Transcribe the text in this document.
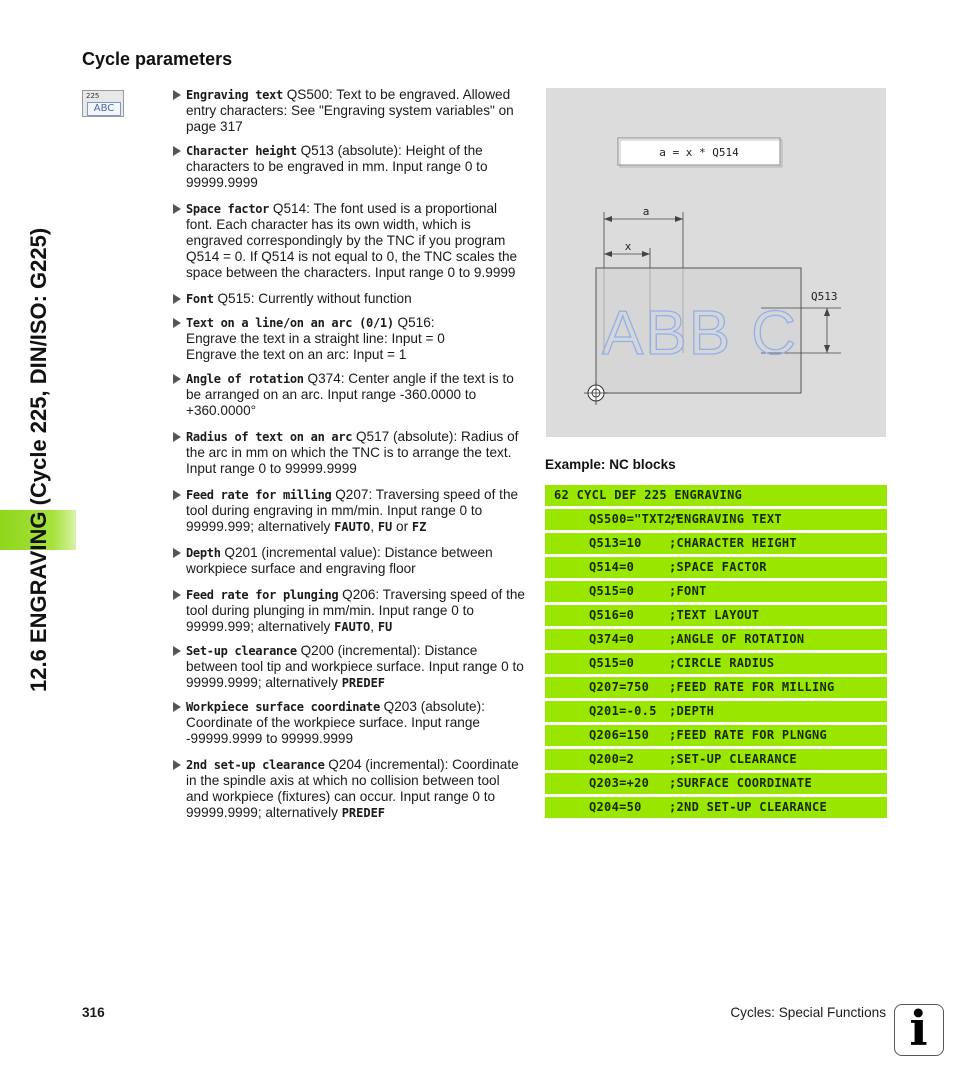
12.6 ENGRAVING (Cycle 225, DIN/ISO: G225)
Cycle parameters
225
ABC
Engraving text QS500: Text to be engraved. Allowed entry characters: See "Engraving system variables" on page 317
Character height Q513 (absolute): Height of the characters to be engraved in mm. Input range 0 to 99999.9999
Space factor Q514: The font used is a proportional font. Each character has its own width, which is engraved correspondingly by the TNC if you program Q514 = 0. If Q514 is not equal to 0, the TNC scales the space between the characters. Input range 0 to 9.9999
Font Q515: Currently without function
Text on a line/on an arc (0/1) Q516:
Engrave the text in a straight line: Input = 0
Engrave the text on an arc: Input = 1
Angle of rotation Q374: Center angle if the text is to be arranged on an arc. Input range -360.0000 to +360.0000°
Radius of text on an arc Q517 (absolute): Radius of the arc in mm on which the TNC is to arrange the text. Input range 0 to 99999.9999
Feed rate for milling Q207: Traversing speed of the tool during engraving in mm/min. Input range 0 to 99999.999; alternatively FAUTO, FU or FZ
Depth Q201 (incremental value): Distance between workpiece surface and engraving floor
Feed rate for plunging Q206: Traversing speed of the tool during plunging in mm/min. Input range 0 to 99999.999; alternatively FAUTO, FU
Set-up clearance Q200 (incremental): Distance between tool tip and workpiece surface. Input range 0 to 99999.9999; alternatively PREDEF
Workpiece surface coordinate Q203 (absolute): Coordinate of the workpiece surface. Input range -99999.9999 to 99999.9999
2nd set-up clearance Q204 (incremental): Coordinate in the spindle axis at which no collision between tool and workpiece (fixtures) can occur. Input range 0 to 99999.9999; alternatively PREDEF
a = x * Q514
a
x
Q513
ABB C
Example: NC blocks
62 CYCL DEF 225 ENGRAVING
QS500="TXT2";ENGRAVING TEXT
Q513=10 ;CHARACTER HEIGHT
Q514=0	;SPACE FACTOR
Q515=0	;FONT
Q516=0	;TEXT LAYOUT
Q374=0	;ANGLE OF ROTATION
Q515=0	;CIRCLE RADIUS
Q207=750 ;FEED RATE FOR MILLING
Q201=-0.5 ;DEPTH
Q206=150 ;FEED RATE FOR PLNGNG
Q200=2	;SET-UP CLEARANCE
Q203=+20 ;SURFACE COORDINATE
Q204=50 ;2ND SET-UP CLEARANCE
316	Cycles: Special Functions i
